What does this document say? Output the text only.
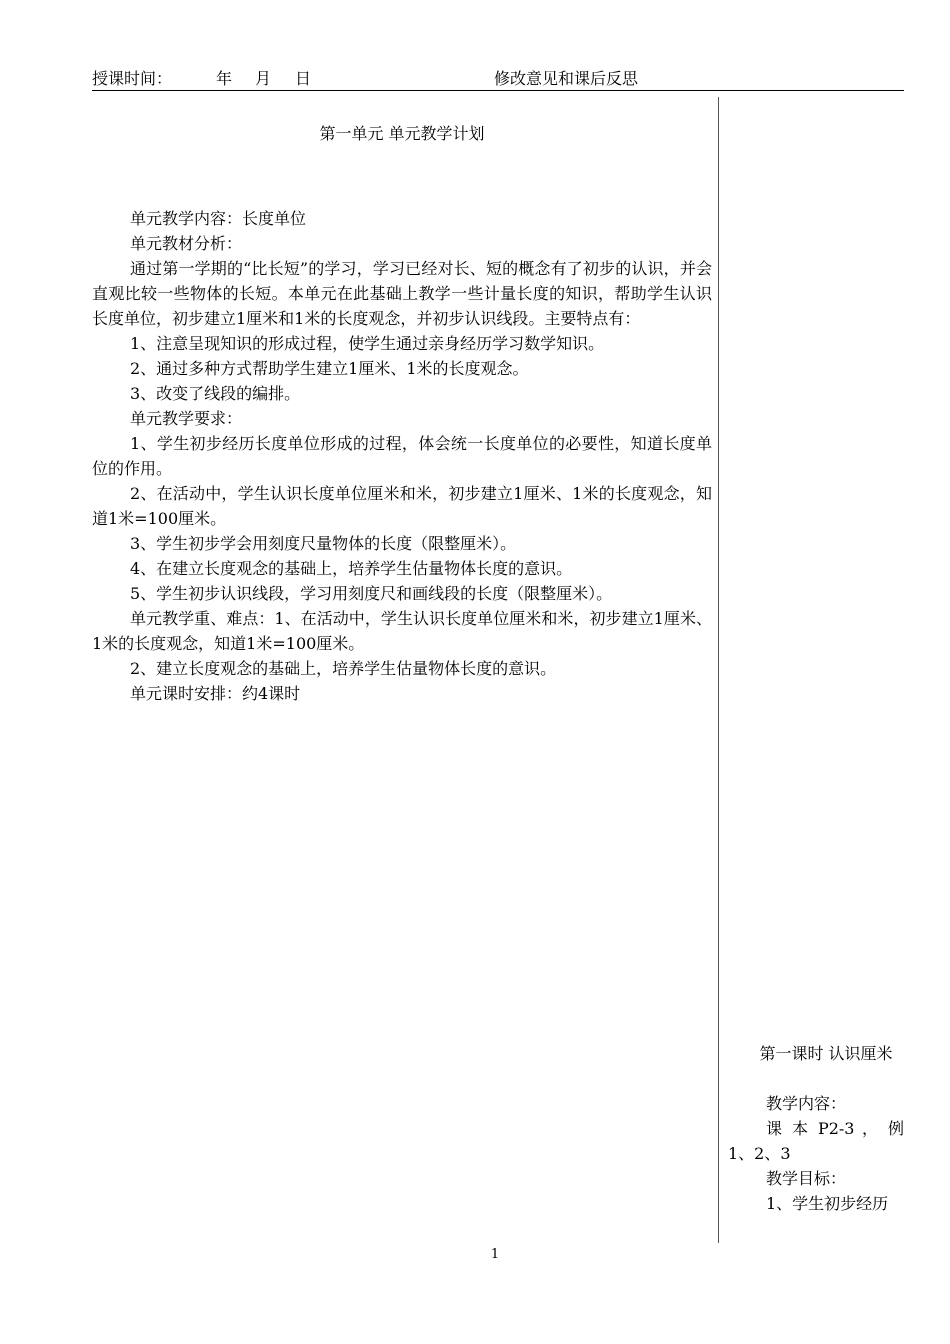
授课时间：	年 月 日	修改意见和课后反思
第一单元 单元教学计划

单元教学内容：长度单位

单元教材分析：

通过第一学期的“比长短”的学习，学习已经对长、短的概念有了初步的认识，并会直观比较一些物体的长短。本单元在此基础上教学一些计量长度的知识，帮助学生认识长度单位，初步建立1厘米和1米的长度观念，并初步认识线段。主要特点有：

1、注意呈现知识的形成过程，使学生通过亲身经历学习数学知识。

2、通过多种方式帮助学生建立1厘米、1米的长度观念。

3、改变了线段的编排。

单元教学要求：

1、学生初步经历长度单位形成的过程，体会统一长度单位的必要性，知道长度单位的作用。

2、在活动中，学生认识长度单位厘米和米，初步建立1厘米、1米的长度观念，知道1米=100厘米。

3、学生初步学会用刻度尺量物体的长度（限整厘米）。

4、在建立长度观念的基础上，培养学生估量物体长度的意识。

5、学生初步认识线段，学习用刻度尺和画线段的长度（限整厘米）。

单元教学重、难点：1、在活动中，学生认识长度单位厘米和米，初步建立1厘米、1米的长度观念，知道1米=100厘米。

2、建立长度观念的基础上，培养学生估量物体长度的意识。

单元课时安排：约4课时

第一课时 认识厘米

教学内容：

课 本 P2-3 ， 例1、2、3

教学目标：

1、学生初步经历

1
